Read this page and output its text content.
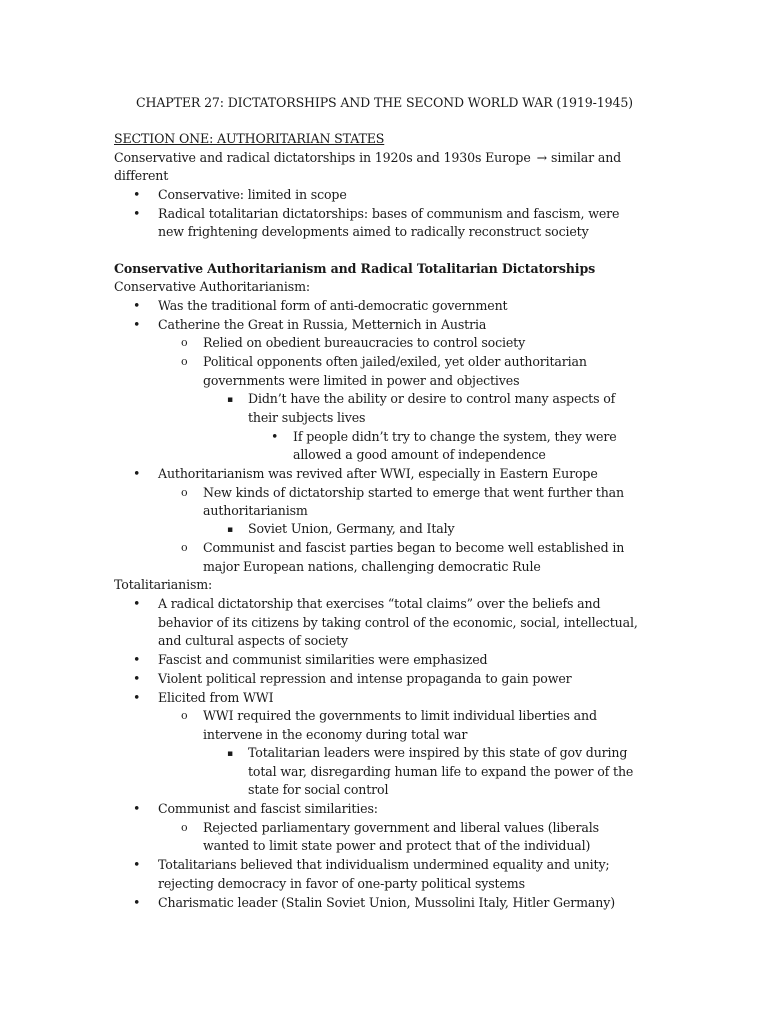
CHAPTER 27: DICTATORSHIPS AND THE SECOND WORLD WAR (1919-1945)
SECTION ONE: AUTHORITARIAN STATES
Conservative and radical dictatorships in 1920s and 1930s Europe → similar and
different
• Conservative: limited in scope
• Radical totalitarian dictatorships: bases of communism and fascism, were
new frightening developments aimed to radically reconstruct society
Conservative Authoritarianism and Radical Totalitarian Dictatorships
Conservative Authoritarianism:
• Was the traditional form of anti-democratic government
• Catherine the Great in Russia, Metternich in Austria
o Relied on obedient bureaucracies to control society
o Political opponents often jailed/exiled, yet older authoritarian
governments were limited in power and objectives
▪ Didn’t have the ability or desire to control many aspects of
their subjects lives
• If people didn’t try to change the system, they were
allowed a good amount of independence
• Authoritarianism was revived after WWI, especially in Eastern Europe
o New kinds of dictatorship started to emerge that went further than
authoritarianism
▪ Soviet Union, Germany, and Italy
o Communist and fascist parties began to become well established in
major European nations, challenging democratic Rule
Totalitarianism:
• A radical dictatorship that exercises “total claims” over the beliefs and
behavior of its citizens by taking control of the economic, social, intellectual,
and cultural aspects of society
• Fascist and communist similarities were emphasized
• Violent political repression and intense propaganda to gain power
• Elicited from WWI
o WWI required the governments to limit individual liberties and
intervene in the economy during total war
▪ Totalitarian leaders were inspired by this state of gov during
total war, disregarding human life to expand the power of the
state for social control
• Communist and fascist similarities:
o Rejected parliamentary government and liberal values (liberals
wanted to limit state power and protect that of the individual)
• Totalitarians believed that individualism undermined equality and unity;
rejecting democracy in favor of one-party political systems
• Charismatic leader (Stalin Soviet Union, Mussolini Italy, Hitler Germany)
